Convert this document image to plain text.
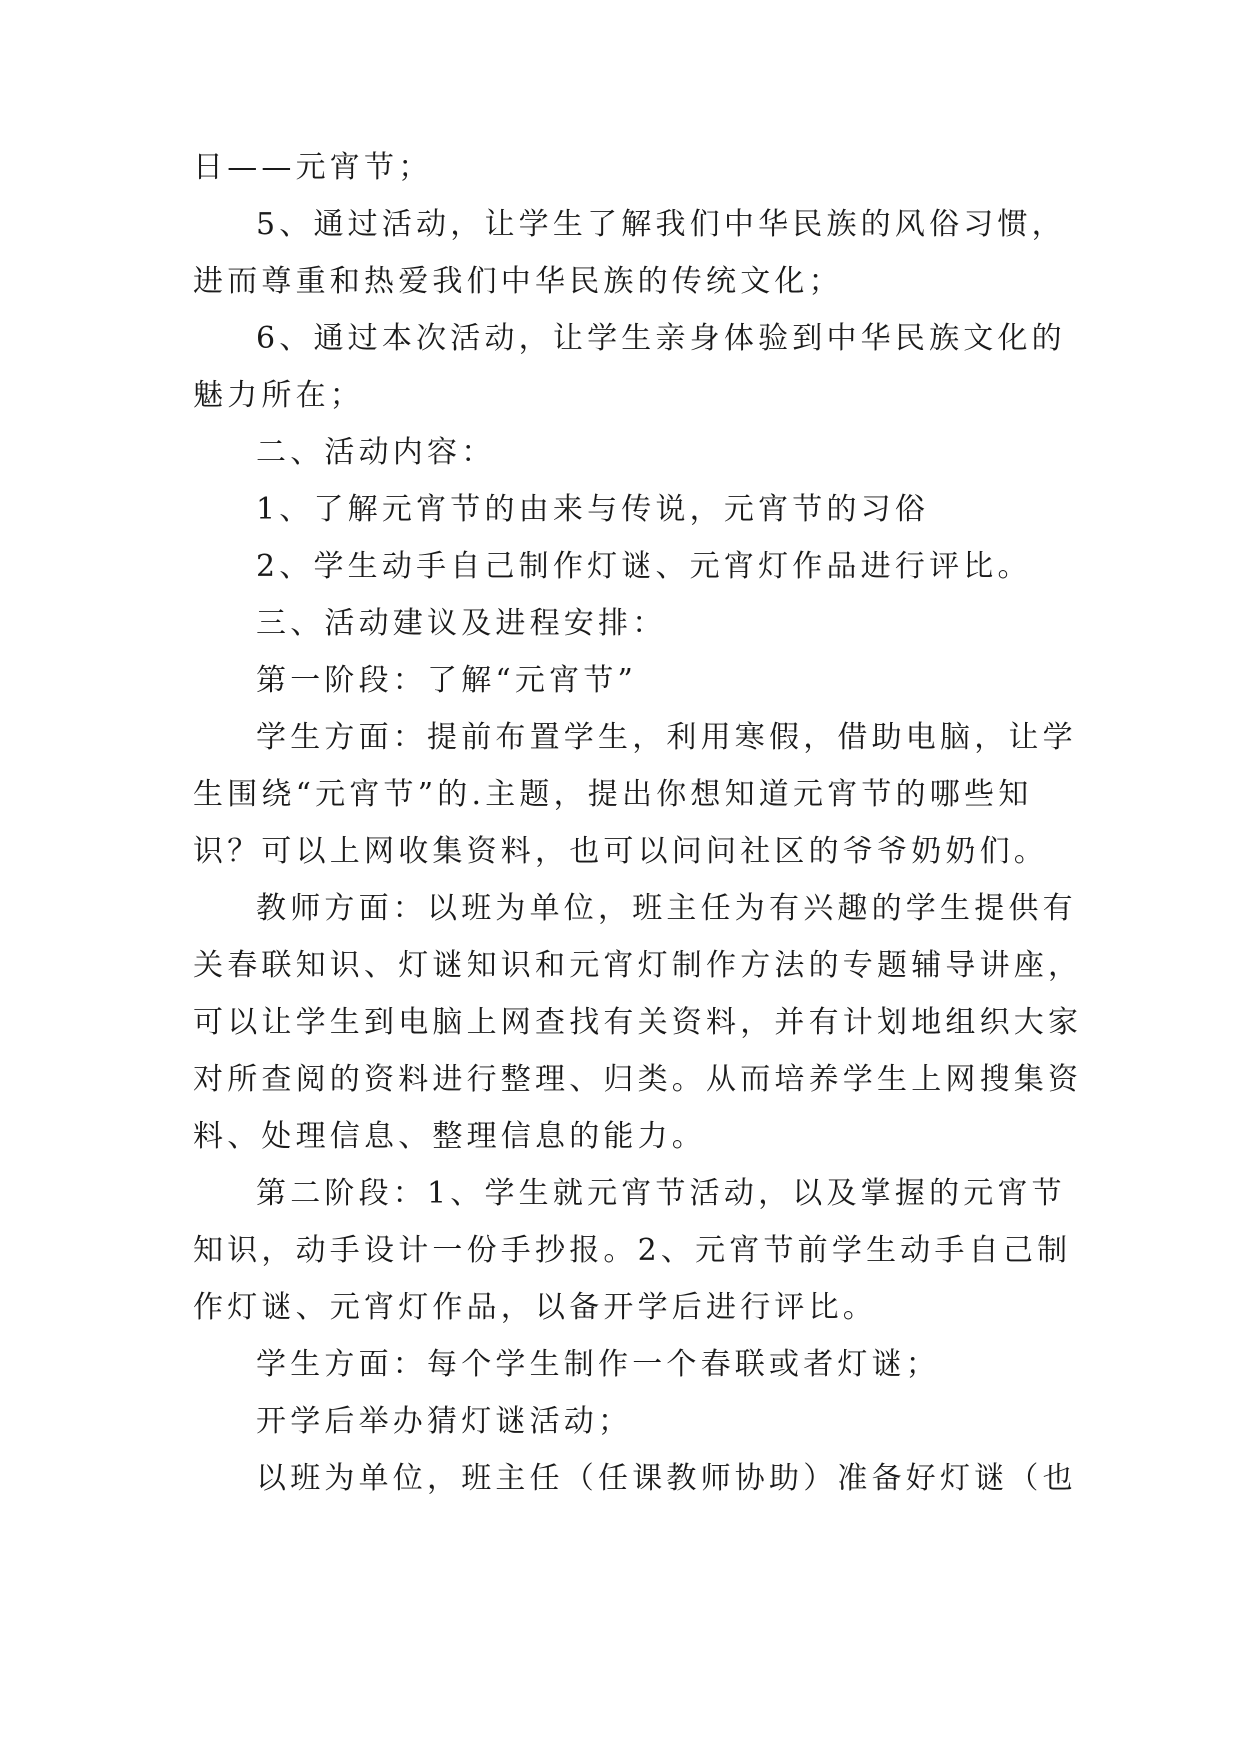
日——元宵节；
5、通过活动，让学生了解我们中华民族的风俗习惯，
进而尊重和热爱我们中华民族的传统文化；
6、通过本次活动，让学生亲身体验到中华民族文化的
魅力所在；
二、活动内容：
1、了解元宵节的由来与传说，元宵节的习俗
2、学生动手自己制作灯谜、元宵灯作品进行评比。
三、活动建议及进程安排：
第一阶段：了解“元宵节”
学生方面：提前布置学生，利用寒假，借助电脑，让学
生围绕“元宵节”的.主题，提出你想知道元宵节的哪些知
识？可以上网收集资料，也可以问问社区的爷爷奶奶们。
教师方面：以班为单位，班主任为有兴趣的学生提供有
关春联知识、灯谜知识和元宵灯制作方法的专题辅导讲座，
可以让学生到电脑上网查找有关资料，并有计划地组织大家
对所查阅的资料进行整理、归类。从而培养学生上网搜集资
料、处理信息、整理信息的能力。
第二阶段：1、学生就元宵节活动，以及掌握的元宵节
知识，动手设计一份手抄报。2、元宵节前学生动手自己制
作灯谜、元宵灯作品，以备开学后进行评比。
学生方面：每个学生制作一个春联或者灯谜；
开学后举办猜灯谜活动；
以班为单位，班主任（任课教师协助）准备好灯谜（也
